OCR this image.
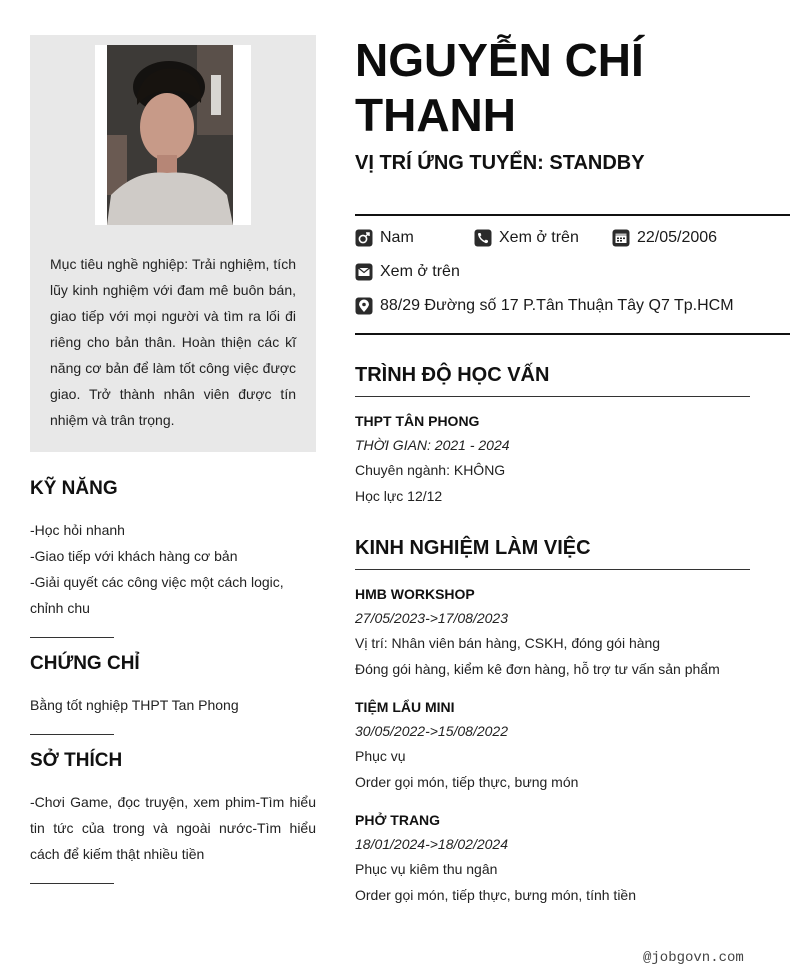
Mục tiêu nghề nghiệp: Trải nghiệm, tích lũy kinh nghiệm với đam mê buôn bán, giao tiếp với mọi người và tìm ra lối đi riêng cho bản thân. Hoàn thiện các kĩ năng cơ bản để làm tốt công việc được giao. Trở thành nhân viên được tín nhiệm và trân trọng.
KỸ NĂNG
-Học hỏi nhanh
-Giao tiếp với khách hàng cơ bản
-Giải quyết các công việc một cách logic,
chỉnh chu
CHỨNG CHỈ
Bằng tốt nghiệp THPT Tan Phong
SỞ THÍCH
-Chơi Game, đọc truyện, xem phim-Tìm hiểu tin tức của trong và ngoài nước-Tìm hiểu cách để kiếm thật nhiều tiền
NGUYỄN CHÍ
THANH
VỊ TRÍ ỨNG TUYỂN: STANDBY
Nam	Xem ở trên	22/05/2006
Xem ở trên
88/29 Đường số 17 P.Tân Thuận Tây Q7 Tp.HCM
TRÌNH ĐỘ HỌC VẤN
THPT TÂN PHONG
THỜI GIAN: 2021 - 2024
Chuyên ngành: KHÔNG
Học lực 12/12
KINH NGHIỆM LÀM VIỆC
HMB WORKSHOP
27/05/2023->17/08/2023
Vị trí: Nhân viên bán hàng, CSKH, đóng gói hàng
Đóng gói hàng, kiểm kê đơn hàng, hỗ trợ tư vấn sản phẩm
TIỆM LẨU MINI
30/05/2022->15/08/2022
Phục vụ
Order gọi món, tiếp thực, bưng món
PHỞ TRANG
18/01/2024->18/02/2024
Phục vụ kiêm thu ngân
Order gọi món, tiếp thực, bưng món, tính tiền
@jobgovn.com
